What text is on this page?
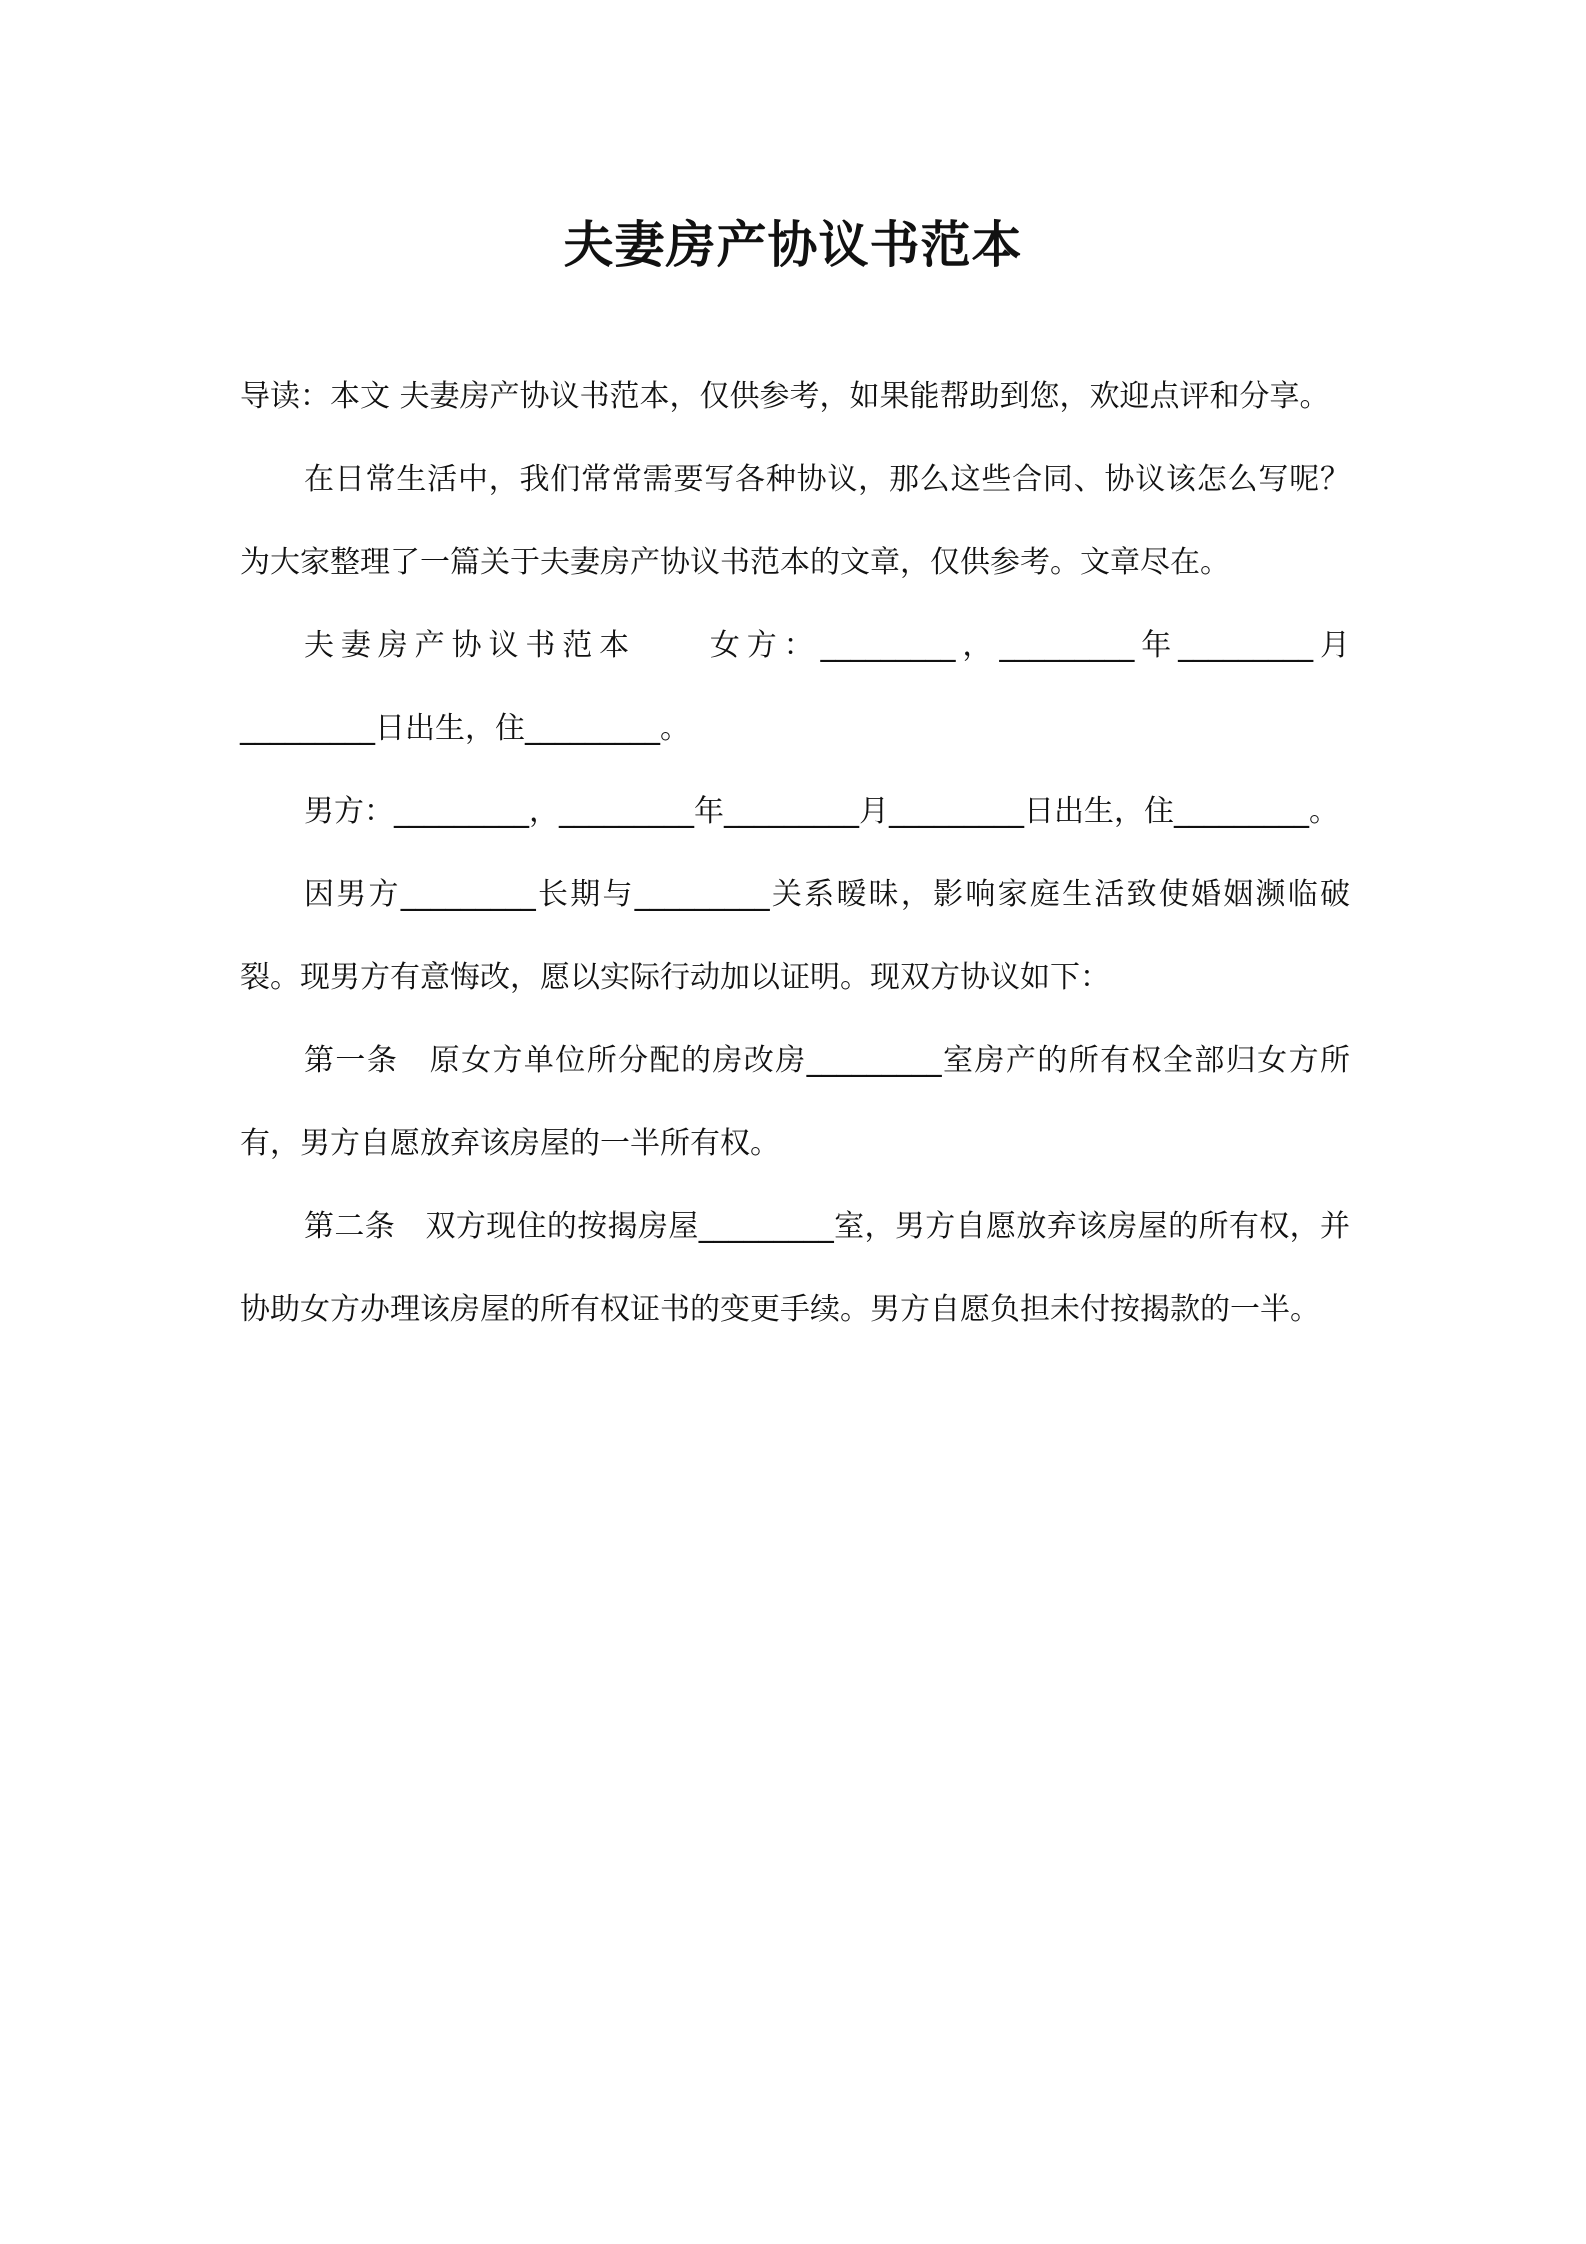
夫妻房产协议书范本

导读：本文 夫妻房产协议书范本，仅供参考，如果能帮助到您，欢迎点评和分享。

在日常生活中，我们常常需要写各种协议，那么这些合同、协议该怎么写呢？为大家整理了一篇关于夫妻房产协议书范本的文章，仅供参考。文章尽在。

夫妻房产协议书范本　　女方：_________，_________年_________月_________日出生，住_________。

男方：_________，_________年_________月_________日出生，住_________。

因男方_________长期与_________关系暧昧，影响家庭生活致使婚姻濒临破裂。现男方有意悔改，愿以实际行动加以证明。现双方协议如下：

第一条　原女方单位所分配的房改房_________室房产的所有权全部归女方所有，男方自愿放弃该房屋的一半所有权。

第二条　双方现住的按揭房屋_________室，男方自愿放弃该房屋的所有权，并协助女方办理该房屋的所有权证书的变更手续。男方自愿负担未付按揭款的一半。
